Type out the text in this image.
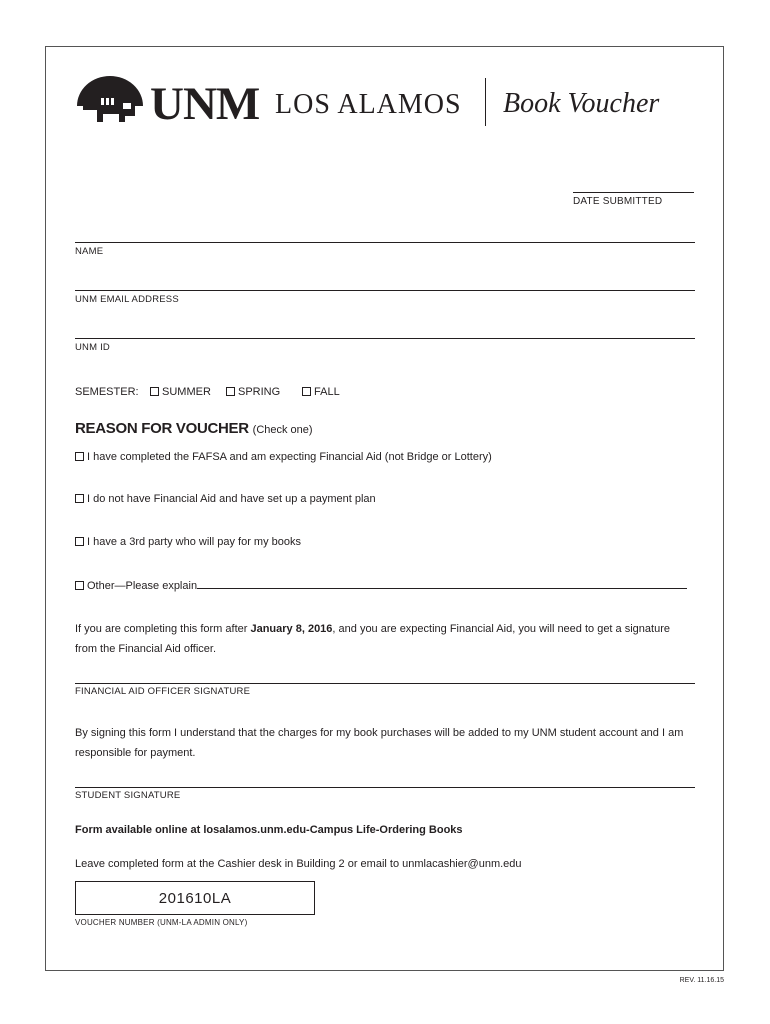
UNM LOS ALAMOS Book Voucher
DATE SUBMITTED
NAME
UNM EMAIL ADDRESS
UNM ID
SEMESTER:	SUMMER	SPRING	FALL
REASON FOR VOUCHER (Check one)
I have completed the FAFSA and am expecting Financial Aid (not Bridge or Lottery)
I do not have Financial Aid and have set up a payment plan
I have a 3rd party who will pay for my books
Other—Please explain
If you are completing this form after January 8, 2016, and you are expecting Financial Aid, you will need to get a signature from the Financial Aid officer.
FINANCIAL AID OFFICER SIGNATURE
By signing this form I understand that the charges for my book purchases will be added to my UNM student account and I am responsible for payment.
STUDENT SIGNATURE
Form available online at losalamos.unm.edu-Campus Life-Ordering Books
Leave completed form at the Cashier desk in Building 2 or email to unmlacashier@unm.edu
201610LA
VOUCHER NUMBER (UNM-LA ADMIN ONLY)
REV. 11.16.15
